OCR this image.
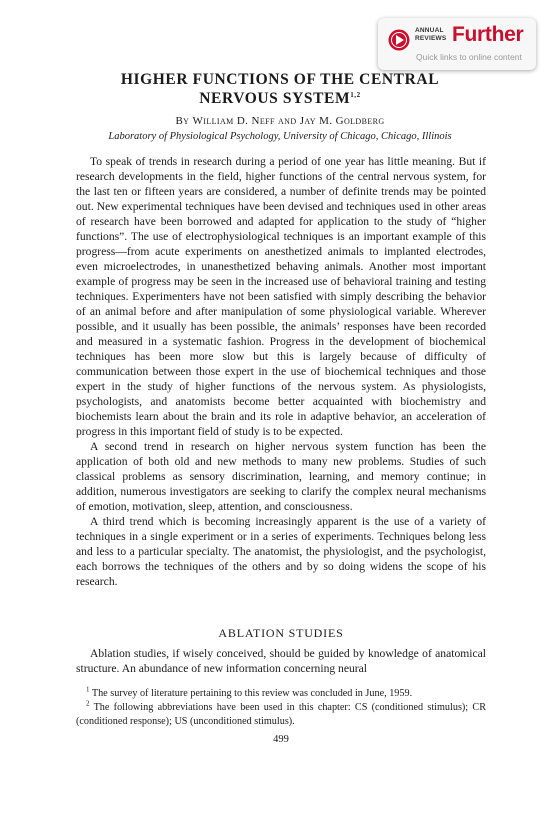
ANNUAL
REVIEWS Further
Quick links to online content
HIGHER FUNCTIONS OF THE CENTRAL
NERVOUS SYSTEM$^{1,2}$
By William D. Neff and Jay M. Goldberg
Laboratory of Physiological Psychology, University of Chicago, Chicago, Illinois

To speak of trends in research during a period of one year has little meaning. But if research developments in the field, higher functions of the central nervous system, for the last ten or fifteen years are considered, a number of definite trends may be pointed out. New experimental techniques have been devised and techniques used in other areas of research have been borrowed and adapted for application to the study of “higher functions”. The use of electrophysiological techniques is an important example of this progress—from acute experiments on anesthetized animals to implanted electrodes, even microelectrodes, in unanesthetized behaving animals. Another most important example of progress may be seen in the increased use of behavioral training and testing techniques. Experimenters have not been satisfied with simply describing the behavior of an animal before and after manipulation of some physiological variable. Wherever possible, and it usually has been possible, the animals’ responses have been recorded and measured in a systematic fashion. Progress in the development of biochemical techniques has been more slow but this is largely because of difficulty of communication between those expert in the use of biochemical techniques and those expert in the study of higher functions of the nervous system. As physiologists, psychologists, and anatomists become better acquainted with biochemistry and biochemists learn about the brain and its role in adaptive behavior, an acceleration of progress in this important field of study is to be expected.

A second trend in research on higher nervous system function has been the application of both old and new methods to many new problems. Studies of such classical problems as sensory discrimination, learning, and memory continue; in addition, numerous investigators are seeking to clarify the complex neural mechanisms of emotion, motivation, sleep, attention, and consciousness.

A third trend which is becoming increasingly apparent is the use of a variety of techniques in a single experiment or in a series of experiments. Techniques belong less and less to a particular specialty. The anatomist, the physiologist, and the psychologist, each borrows the techniques of the others and by so doing widens the scope of his research.

ABLATION STUDIES

Ablation studies, if wisely conceived, should be guided by knowledge of anatomical structure. An abundance of new information concerning neural

$^1$ The survey of literature pertaining to this review was concluded in June, 1959.

$^2$ The following abbreviations have been used in this chapter: CS (conditioned stimulus); CR (conditioned response); US (unconditioned stimulus).

499
